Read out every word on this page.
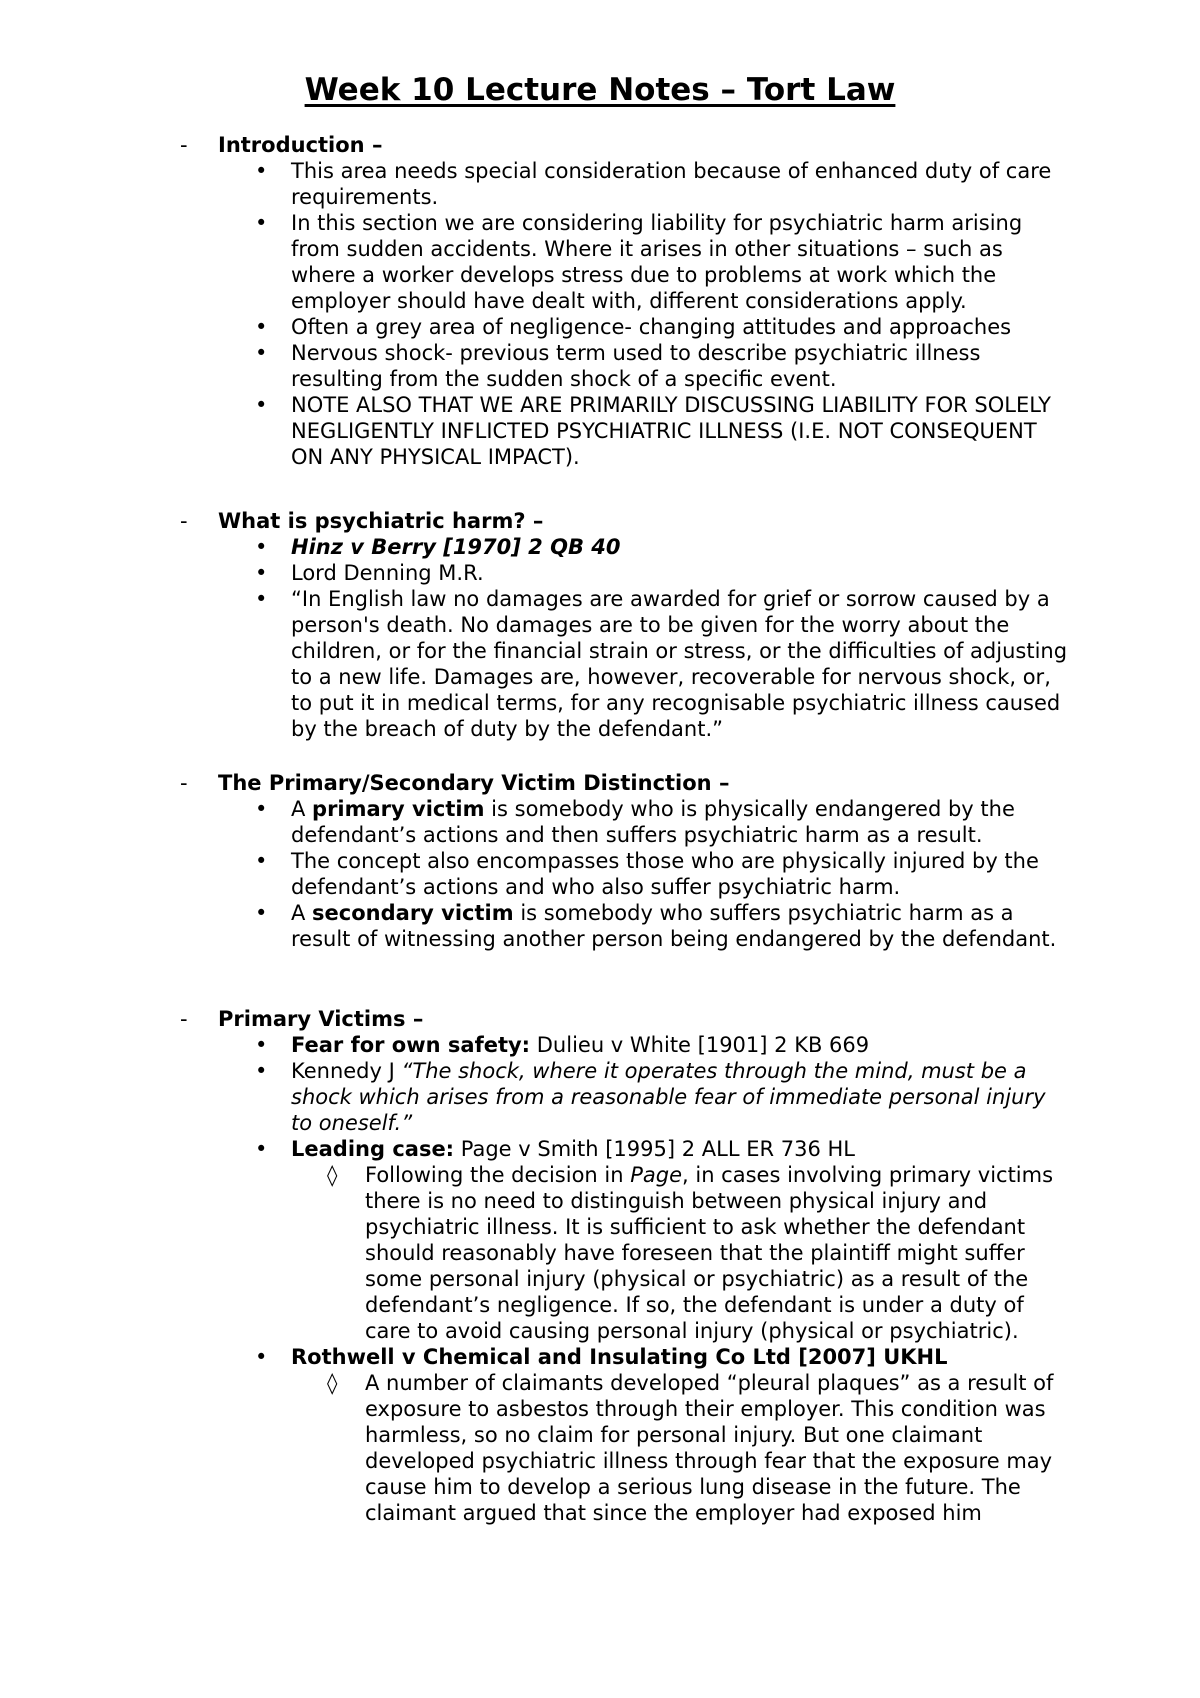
Week 10 Lecture Notes – Tort Law
- Introduction –
• This area needs special consideration because of enhanced duty of care requirements.
• In this section we are considering liability for psychiatric harm arising from sudden accidents. Where it arises in other situations – such as where a worker develops stress due to problems at work which the employer should have dealt with, different considerations apply.
• Often a grey area of negligence- changing attitudes and approaches
• Nervous shock- previous term used to describe psychiatric illness resulting from the sudden shock of a specific event.
• NOTE ALSO THAT WE ARE PRIMARILY DISCUSSING LIABILITY FOR SOLELY NEGLIGENTLY INFLICTED PSYCHIATRIC ILLNESS (I.E. NOT CONSEQUENT ON ANY PHYSICAL IMPACT).
- What is psychiatric harm? –
• Hinz v Berry [1970] 2 QB 40
• Lord Denning M.R.
• “In English law no damages are awarded for grief or sorrow caused by a person's death. No damages are to be given for the worry about the children, or for the financial strain or stress, or the difficulties of adjusting to a new life. Damages are, however, recoverable for nervous shock, or, to put it in medical terms, for any recognisable psychiatric illness caused by the breach of duty by the defendant.”
- The Primary/Secondary Victim Distinction –
• A primary victim is somebody who is physically endangered by the defendant’s actions and then suffers psychiatric harm as a result.
• The concept also encompasses those who are physically injured by the defendant’s actions and who also suffer psychiatric harm.
• A secondary victim is somebody who suffers psychiatric harm as a result of witnessing another person being endangered by the defendant.
- Primary Victims –
• Fear for own safety: Dulieu v White [1901] 2 KB 669
• Kennedy J “The shock, where it operates through the mind, must be a shock which arises from a reasonable fear of immediate personal injury to oneself.”
• Leading case: Page v Smith [1995] 2 ALL ER 736 HL
◊ Following the decision in Page, in cases involving primary victims there is no need to distinguish between physical injury and psychiatric illness. It is sufficient to ask whether the defendant should reasonably have foreseen that the plaintiff might suffer some personal injury (physical or psychiatric) as a result of the defendant’s negligence. If so, the defendant is under a duty of care to avoid causing personal injury (physical or psychiatric).
• Rothwell v Chemical and Insulating Co Ltd [2007] UKHL
◊ A number of claimants developed “pleural plaques” as a result of exposure to asbestos through their employer. This condition was harmless, so no claim for personal injury. But one claimant developed psychiatric illness through fear that the exposure may cause him to develop a serious lung disease in the future. The claimant argued that since the employer had exposed him
